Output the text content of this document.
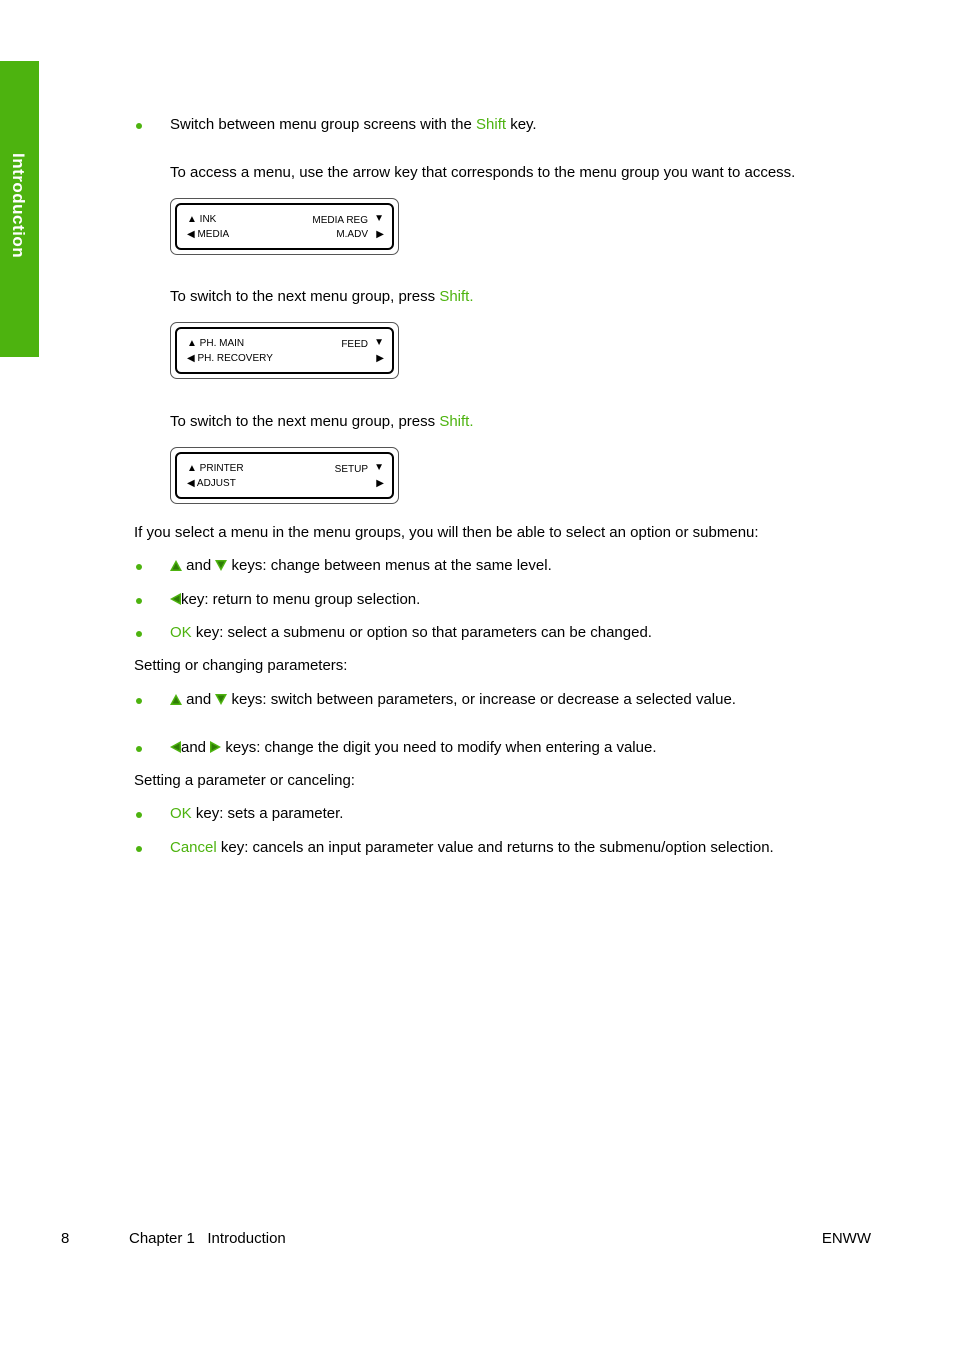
Introduction
Switch between menu group screens with the Shift key.
To access a menu, use the arrow key that corresponds to the menu group you want to access.
▲ INK	MEDIA REG ▼
◀ MEDIA	M.ADV ▶
To switch to the next menu group, press Shift.
▲ PH. MAIN	FEED ▼
◀ PH. RECOVERY	▶
To switch to the next menu group, press Shift.
▲ PRINTER	SETUP ▼
◀ ADJUST	▶
If you select a menu in the menu groups, you will then be able to select an option or submenu:
and keys: change between menus at the same level.
key: return to menu group selection.
OK key: select a submenu or option so that parameters can be changed.
Setting or changing parameters:
and keys: switch between parameters, or increase or decrease a selected value.
and keys: change the digit you need to modify when entering a value.
Setting a parameter or canceling:
OK key: sets a parameter.
Cancel key: cancels an input parameter value and returns to the submenu/option selection.
8	Chapter 1 Introduction	ENWW
